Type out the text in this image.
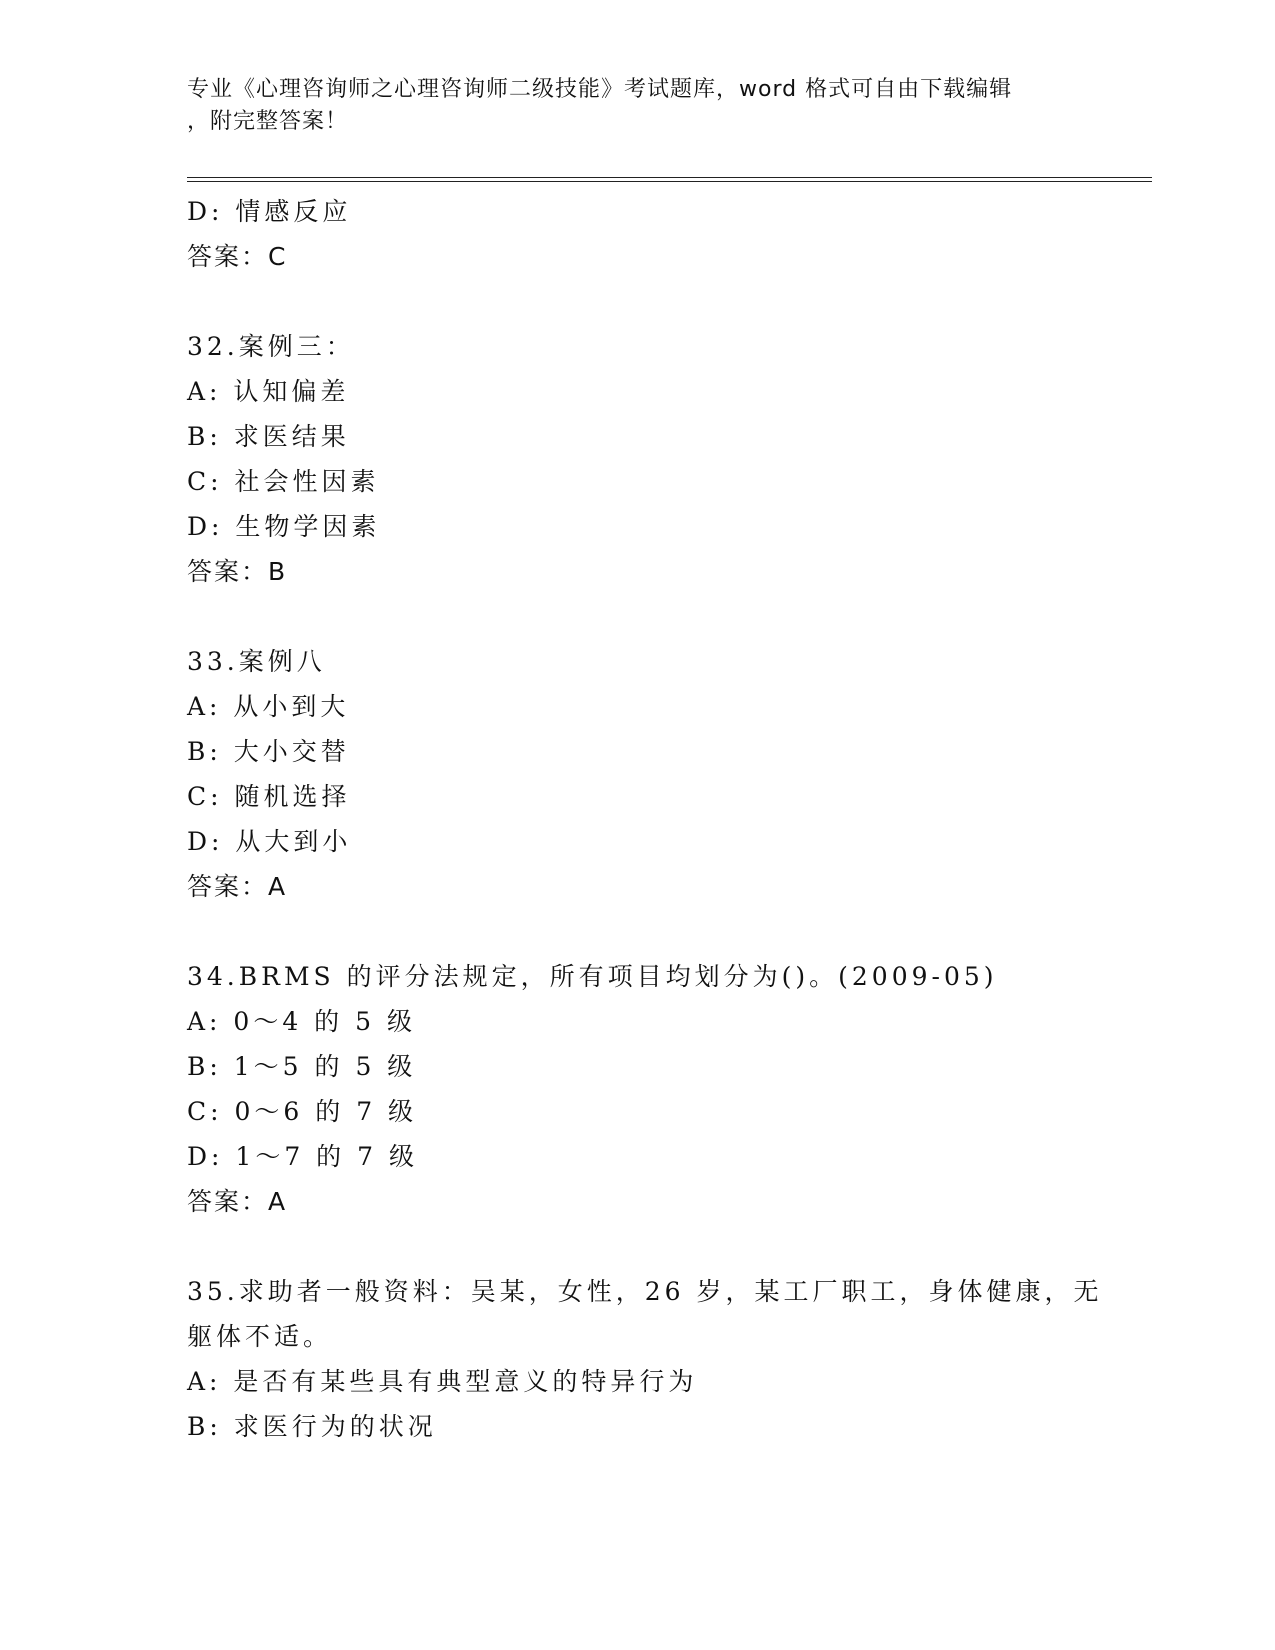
专业《心理咨询师之心理咨询师二级技能》考试题库，word 格式可自由下载编辑
，附完整答案！
D: 情感反应
答案：C
32.案例三：
A: 认知偏差
B: 求医结果
C: 社会性因素
D: 生物学因素
答案：B
33.案例八
A: 从小到大
B: 大小交替
C: 随机选择
D: 从大到小
答案：A
34.BRMS 的评分法规定，所有项目均划分为()。(2009-05)
A: 0～4 的 5 级
B: 1～5 的 5 级
C: 0～6 的 7 级
D: 1～7 的 7 级
答案：A
35.求助者一般资料：吴某，女性，26 岁，某工厂职工，身体健康，无
躯体不适。
A: 是否有某些具有典型意义的特异行为
B: 求医行为的状况
